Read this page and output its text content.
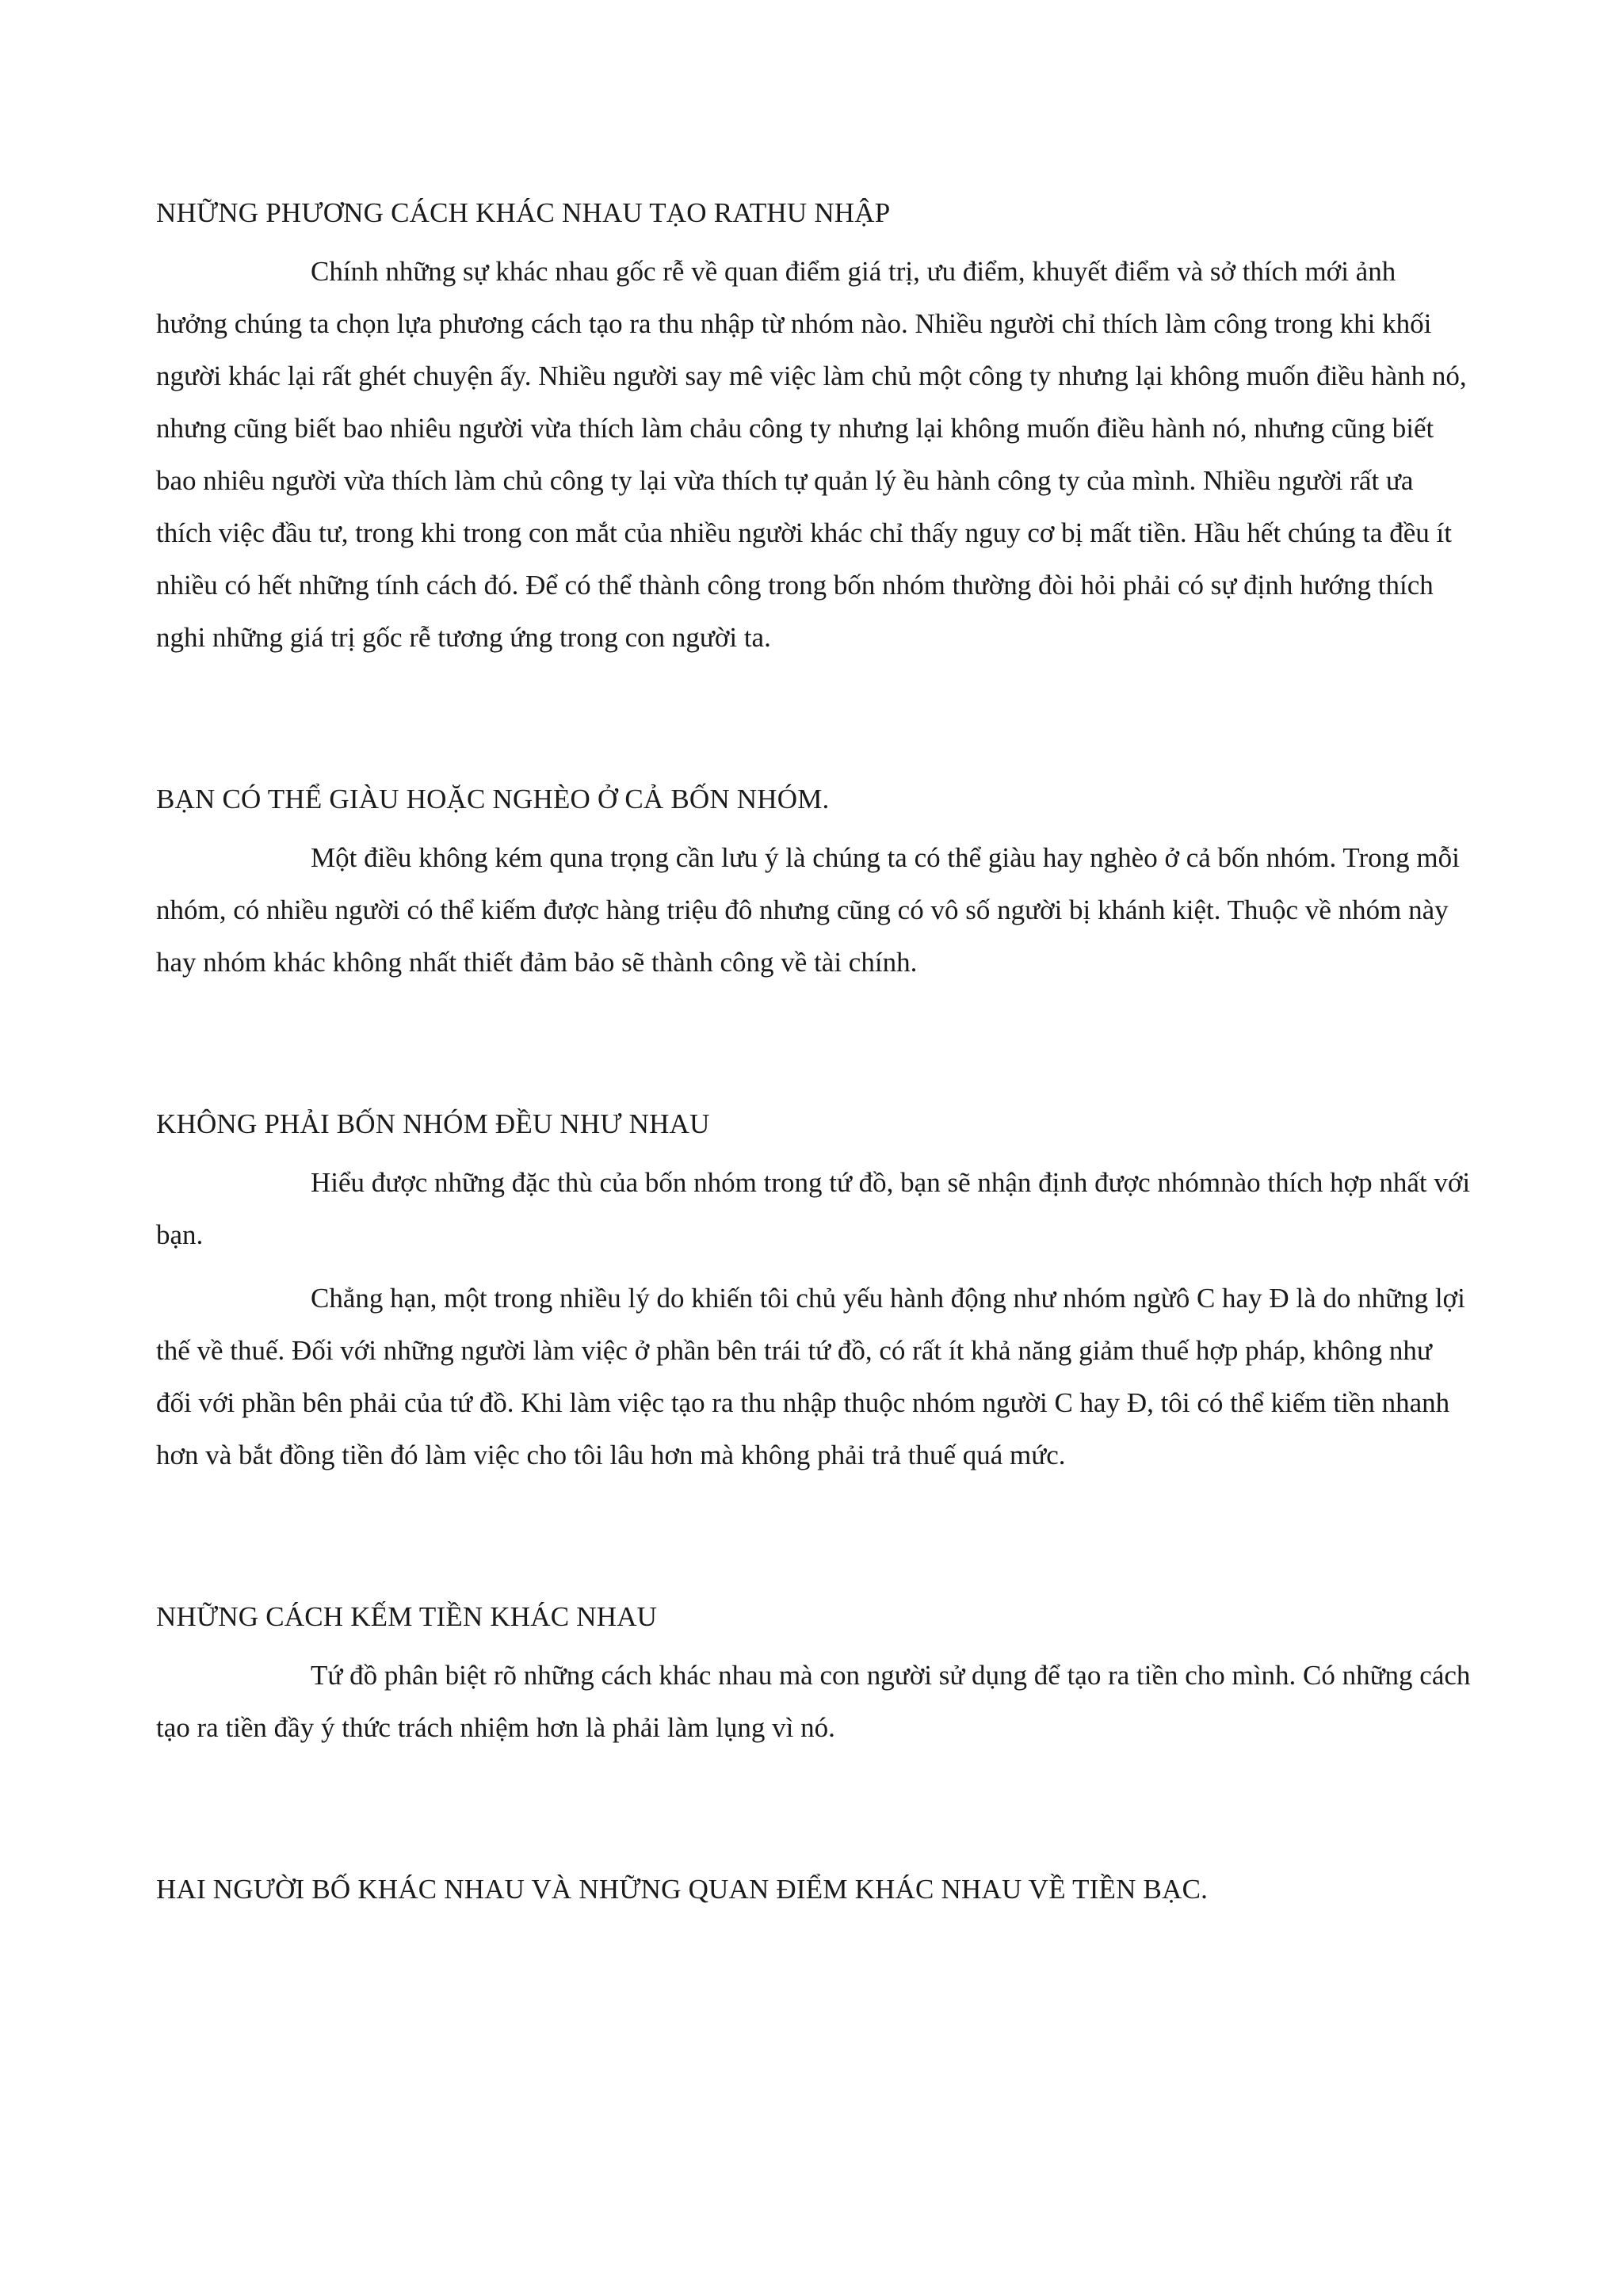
NHỮNG PHƯƠNG CÁCH KHÁC NHAU TẠO RATHU NHẬP

Chính những sự khác nhau gốc rễ về quan điểm giá trị, ưu điểm, khuyết điểm và sở thích mới ảnh hưởng chúng ta chọn lựa phương cách tạo ra thu nhập từ nhóm nào. Nhiều người chỉ thích làm công trong khi khối người khác lại rất ghét chuyện ấy. Nhiều người say mê việc làm chủ một công ty nhưng lại không muốn điều hành nó, nhưng cũng biết bao nhiêu người vừa thích làm chảu công ty nhưng lại không muốn điều hành nó, nhưng cũng biết bao nhiêu người vừa thích làm chủ công ty lại vừa thích tự quản lý ều hành công ty của mình. Nhiều người rất ưa thích việc đầu tư, trong khi trong con mắt của nhiều người khác chỉ thấy nguy cơ bị mất tiền. Hầu hết chúng ta đều ít nhiều có hết những tính cách đó. Để có thể thành công trong bốn nhóm thường đòi hỏi phải có sự định hướng thích nghi những giá trị gốc rễ tương ứng trong con người ta.

BẠN CÓ THỂ GIÀU HOẶC NGHÈO Ở CẢ BỐN NHÓM.

Một điều không kém quna trọng cần lưu ý là chúng ta có thể giàu hay nghèo ở cả bốn nhóm. Trong mỗi nhóm, có nhiều người có thể kiếm được hàng triệu đô nhưng cũng có vô số người bị khánh kiệt. Thuộc về nhóm này hay nhóm khác không nhất thiết đảm bảo sẽ thành công về tài chính.

KHÔNG PHẢI BỐN NHÓM ĐỀU NHƯ NHAU

Hiểu được những đặc thù của bốn nhóm trong tứ đồ, bạn sẽ nhận định được nhómnào thích hợp nhất với bạn.

Chẳng hạn, một trong nhiều lý do khiến tôi chủ yếu hành động như nhóm ngừô C hay Đ là do những lợi thế về thuế. Đối với những người làm việc ở phần bên trái tứ đồ, có rất ít khả năng giảm thuế hợp pháp, không như đối với phần bên phải của tứ đồ. Khi làm việc tạo ra thu nhập thuộc nhóm người C hay Đ, tôi có thể kiếm tiền nhanh hơn và bắt đồng tiền đó làm việc cho tôi lâu hơn mà không phải trả thuế quá mức.

NHỮNG CÁCH KẾM TIỀN KHÁC NHAU

Tứ đồ phân biệt rõ những cách khác nhau mà con người sử dụng để tạo ra tiền cho mình. Có những cách tạo ra tiền đầy ý thức trách nhiệm hơn là phải làm lụng vì nó.

HAI NGƯỜI BỐ KHÁC NHAU VÀ NHỮNG QUAN ĐIỂM KHÁC NHAU VỀ TIỀN BẠC.
